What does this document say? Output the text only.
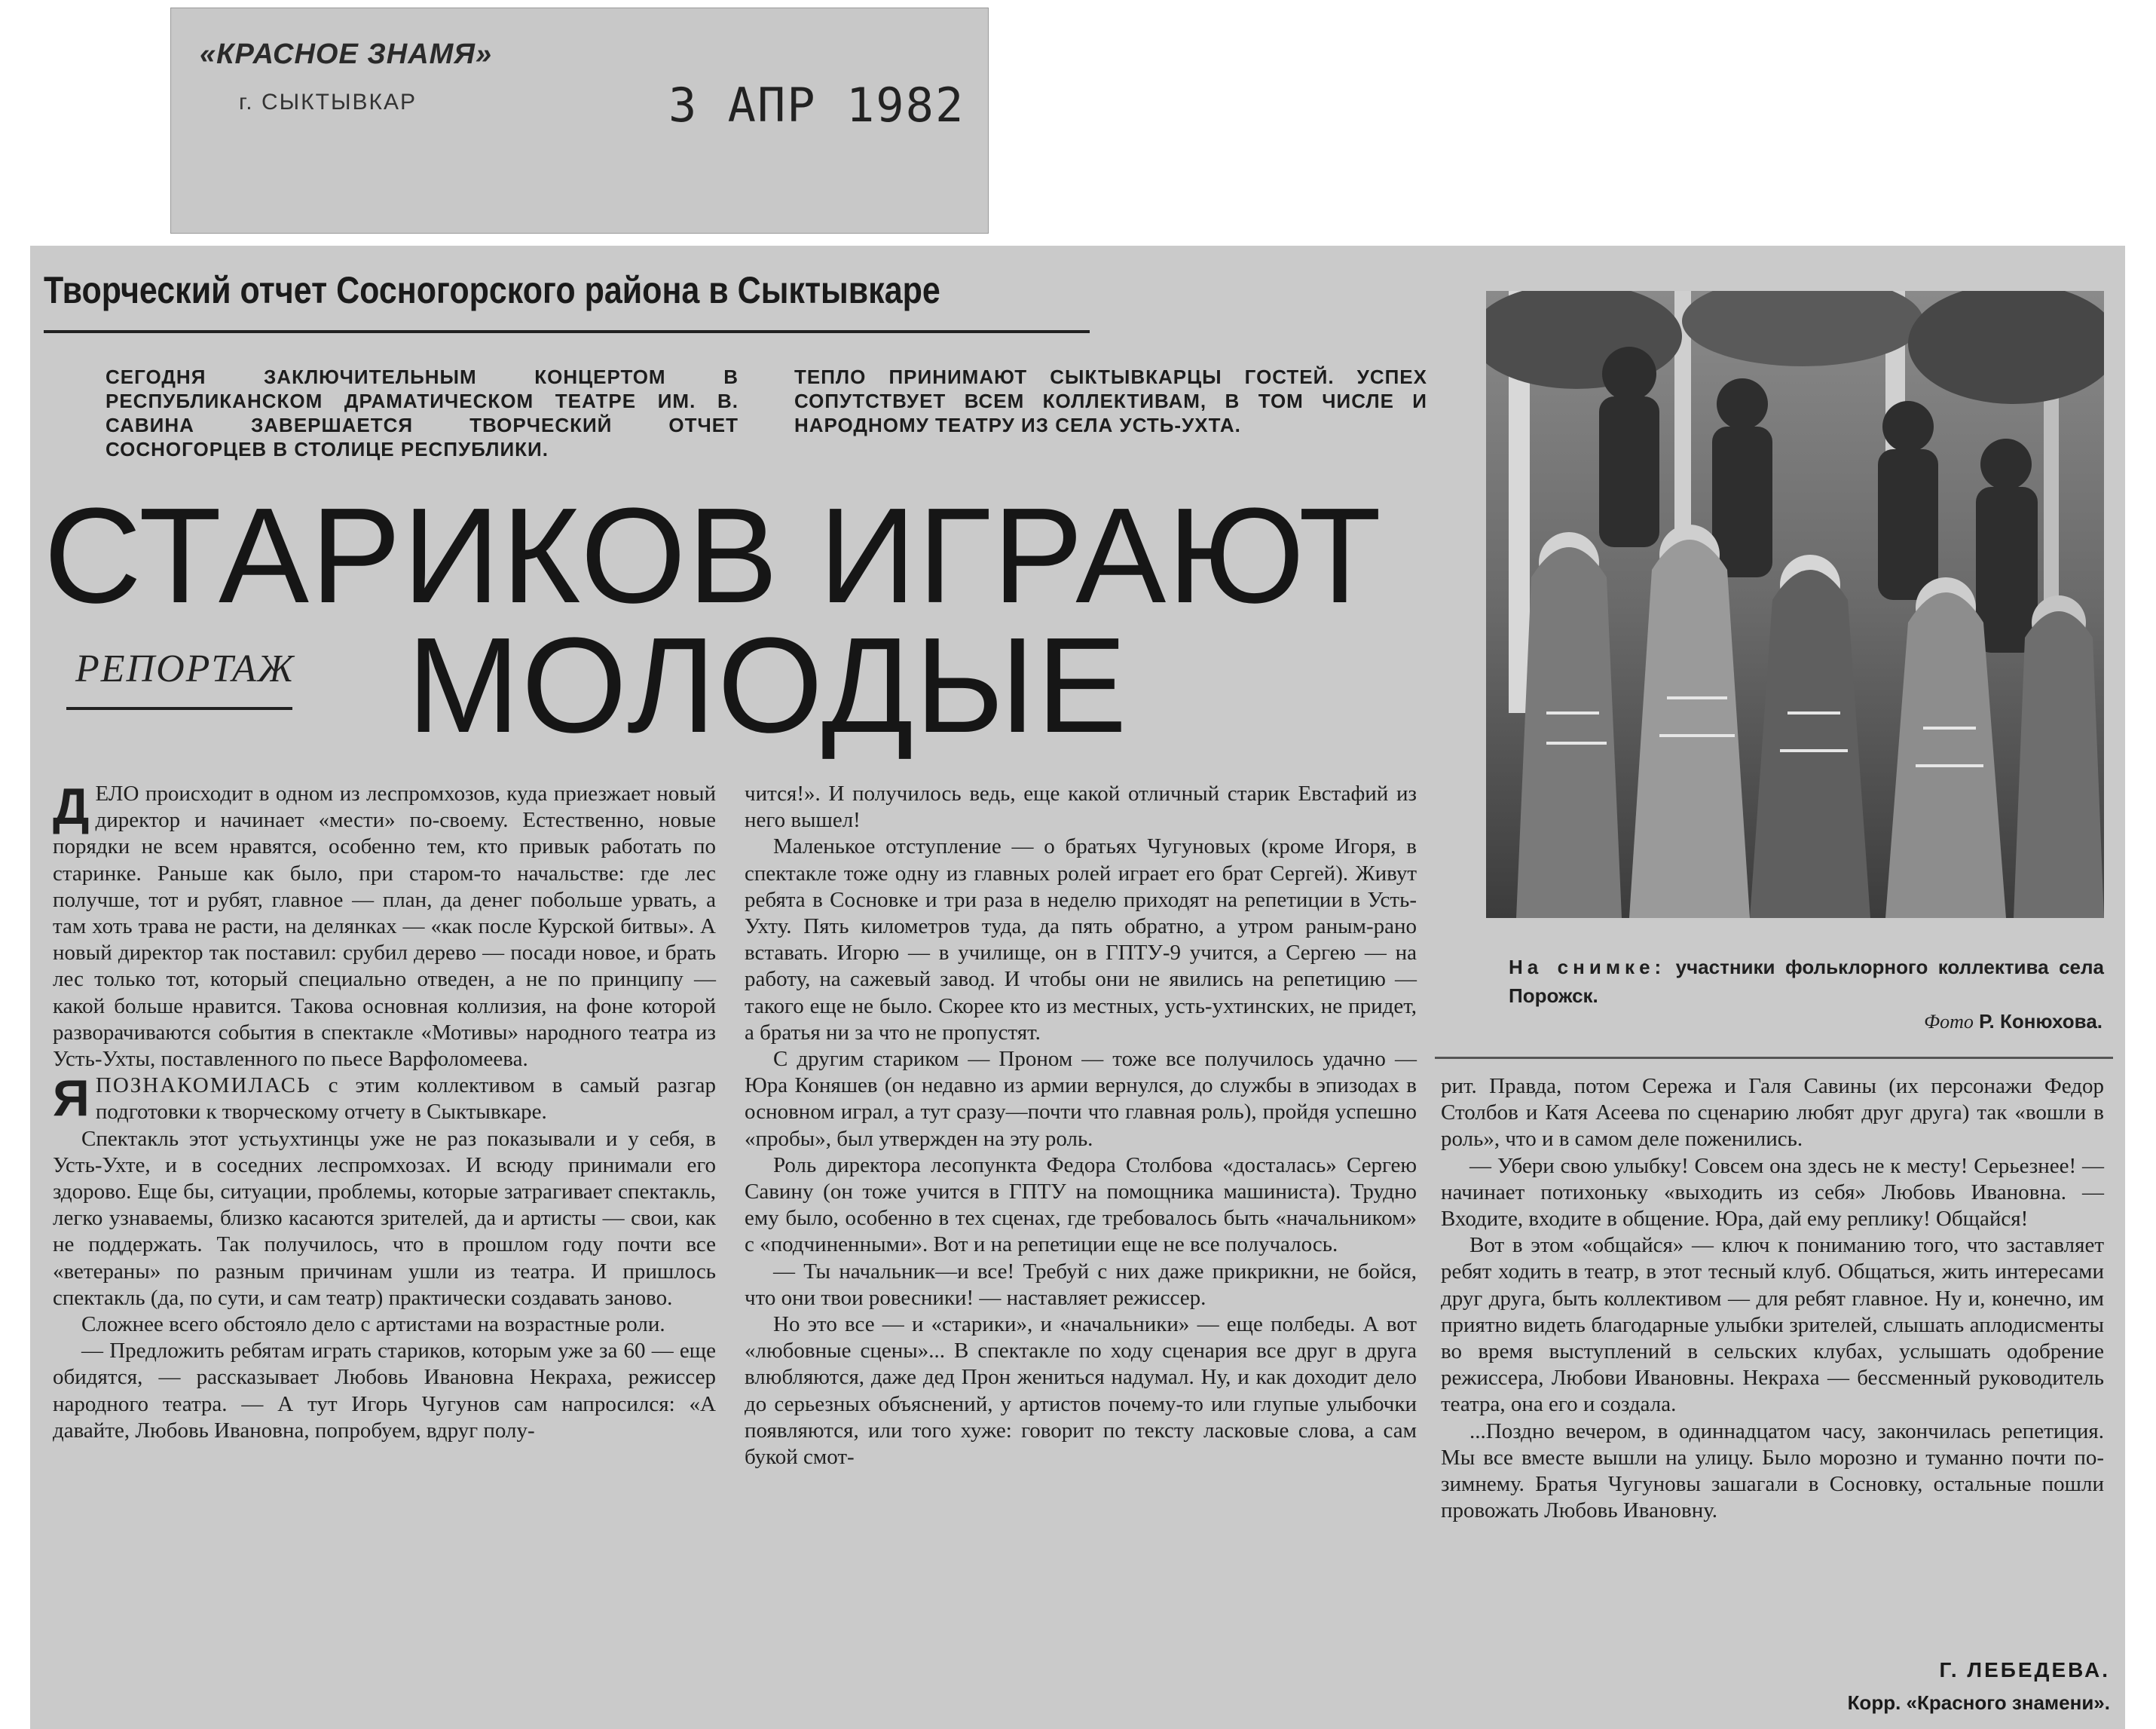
«КРАСНОЕ ЗНАМЯ»
г. СЫКТЫВКАР	3 АПР 1982
Творческий отчет Сосногорского района в Сыктывкаре
СЕГОДНЯ ЗАКЛЮЧИТЕЛЬНЫМ КОНЦЕРТОМ В РЕСПУБЛИКАНСКОМ ДРАМАТИЧЕСКОМ ТЕАТРЕ ИМ. В. САВИНА ЗАВЕРШАЕТСЯ ТВОРЧЕСКИЙ ОТЧЕТ СОСНОГОРЦЕВ В СТОЛИЦЕ РЕСПУБЛИКИ.
ТЕПЛО ПРИНИМАЮТ СЫКТЫВКАРЦЫ ГОСТЕЙ. УСПЕХ СОПУТСТВУЕТ ВСЕМ КОЛЛЕКТИВАМ, В ТОМ ЧИСЛЕ И НАРОДНОМУ ТЕАТРУ ИЗ СЕЛА УСТЬ-УХТА.
СТАРИКОВ ИГРАЮТ
РЕПОРТАЖ МОЛОДЫЕ

ДЕЛО происходит в одном из леспромхозов, куда приезжает новый директор и начинает «мести» по-своему. Естественно, новые порядки не всем нравятся, особенно тем, кто привык работать по старинке. Раньше как было, при старом-то начальстве: где лес получше, тот и рубят, главное — план, да денег побольше урвать, а там хоть трава не расти, на делянках — «как после Курской битвы». А новый директор так поставил: срубил дерево — посади новое, и брать лес только тот, который специально отведен, а не по принципу — какой больше нравится. Такова основная коллизия, на фоне которой разворачиваются события в спектакле «Мотивы» народного театра из Усть-Ухты, поставленного по пьесе Варфоломеева.

ЯПОЗНАКОМИЛАСЬ с этим коллективом в самый разгар подготовки к творческому отчету в Сыктывкаре.

Спектакль этот устьухтинцы уже не раз показывали и у себя, в Усть-Ухте, и в соседних леспромхозах. И всюду принимали его здорово. Еще бы, ситуации, проблемы, которые затрагивает спектакль, легко узнаваемы, близко касаются зрителей, да и артисты — свои, как не поддержать. Так получилось, что в прошлом году почти все «ветераны» по разным причинам ушли из театра. И пришлось спектакль (да, по сути, и сам театр) практически создавать заново.

Сложнее всего обстояло дело с артистами на возрастные роли.

— Предложить ребятам играть стариков, которым уже за 60 — еще обидятся, — рассказывает Любовь Ивановна Некраха, режиссер народного театра. — А тут Игорь Чугунов сам напросился: «А давайте, Любовь Ивановна, попробуем, вдруг полу-

чится!». И получилось ведь, еще какой отличный старик Евстафий из него вышел!

Маленькое отступление — о братьях Чугуновых (кроме Игоря, в спектакле тоже одну из главных ролей играет его брат Сергей). Живут ребята в Сосновке и три раза в неделю приходят на репетиции в Усть-Ухту. Пять километров туда, да пять обратно, а утром раным-рано вставать. Игорю — в училище, он в ГПТУ-9 учится, а Сергею — на работу, на сажевый завод. И чтобы они не явились на репетицию — такого еще не было. Скорее кто из местных, усть-ухтинских, не придет, а братья ни за что не пропустят.

С другим стариком — Проном — тоже все получилось удачно — Юра Коняшев (он недавно из армии вернулся, до службы в эпизодах в основном играл, а тут сразу—почти что главная роль), пройдя успешно «пробы», был утвержден на эту роль.

Роль директора лесопункта Федора Столбова «досталась» Сергею Савину (он тоже учится в ГПТУ на помощника машиниста). Трудно ему было, особенно в тех сценах, где требовалось быть «начальником» с «подчиненными». Вот и на репетиции еще не все получалось.

— Ты начальник—и все! Требуй с них даже прикрикни, не бойся, что они твои ровесники! — наставляет режиссер.

Но это все — и «старики», и «начальники» — еще полбеды. А вот «любовные сцены»... В спектакле по ходу сценария все друг в друга влюбляются, даже дед Прон жениться надумал. Ну, и как доходит дело до серьезных объяснений, у артистов почему-то или глупые улыбочки появляются, или того хуже: говорит по тексту ласковые слова, а сам букой смот-

На снимке: участники фольклорного коллектива села Порожск.
Фото Р. Конюхова.

рит. Правда, потом Сережа и Галя Савины (их персонажи Федор Столбов и Катя Асеева по сценарию любят друг друга) так «вошли в роль», что и в самом деле поженились.

— Убери свою улыбку! Совсем она здесь не к месту! Серьезнее! — начинает потихоньку «выходить из себя» Любовь Ивановна. — Входите, входите в общение. Юра, дай ему реплику! Общайся!

Вот в этом «общайся» — ключ к пониманию того, что заставляет ребят ходить в театр, в этот тесный клуб. Общаться, жить интересами друг друга, быть коллективом — для ребят главное. Ну и, конечно, им приятно видеть благодарные улыбки зрителей, слышать аплодисменты во время выступлений в сельских клубах, услышать одобрение режиссера, Любови Ивановны. Некраха — бессменный руководитель театра, она его и создала.

...Поздно вечером, в одиннадцатом часу, закончилась репетиция. Мы все вместе вышли на улицу. Было морозно и туманно почти по-зимнему. Братья Чугуновы зашагали в Сосновку, остальные пошли провожать Любовь Ивановну.

Г. ЛЕБЕДЕВА.
Корр. «Красного знамени».
